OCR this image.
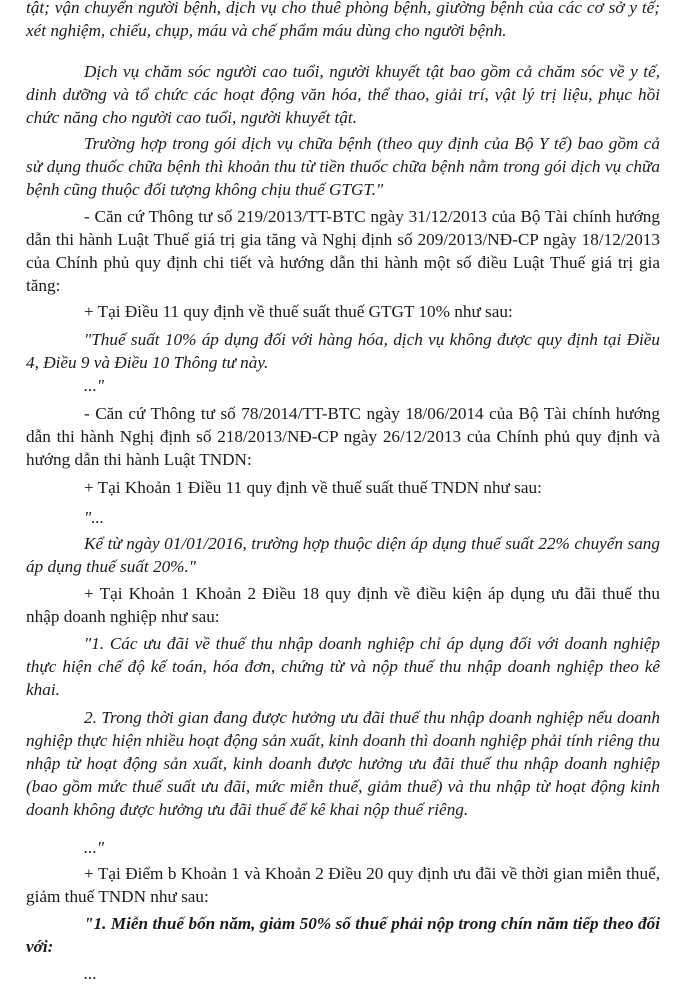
tật; vận chuyển người bệnh, dịch vụ cho thuê phòng bệnh, giường bệnh của các cơ sở y tế; xét nghiệm, chiếu, chụp, máu và chế phẩm máu dùng cho người bệnh.

Dịch vụ chăm sóc người cao tuổi, người khuyết tật bao gồm cả chăm sóc về y tế, dinh dưỡng và tổ chức các hoạt động văn hóa, thể thao, giải trí, vật lý trị liệu, phục hồi chức năng cho người cao tuổi, người khuyết tật.

Trường hợp trong gói dịch vụ chữa bệnh (theo quy định của Bộ Y tế) bao gồm cả sử dụng thuốc chữa bệnh thì khoản thu từ tiền thuốc chữa bệnh nằm trong gói dịch vụ chữa bệnh cũng thuộc đối tượng không chịu thuế GTGT."

- Căn cứ Thông tư số 219/2013/TT-BTC ngày 31/12/2013 của Bộ Tài chính hướng dẫn thi hành Luật Thuế giá trị gia tăng và Nghị định số 209/2013/NĐ-CP ngày 18/12/2013 của Chính phủ quy định chi tiết và hướng dẫn thi hành một số điều Luật Thuế giá trị gia tăng:

+ Tại Điều 11 quy định về thuế suất thuế GTGT 10% như sau:

"Thuế suất 10% áp dụng đối với hàng hóa, dịch vụ không được quy định tại Điều 4, Điều 9 và Điều 10 Thông tư này.

..."

- Căn cứ Thông tư số 78/2014/TT-BTC ngày 18/06/2014 của Bộ Tài chính hướng dẫn thi hành Nghị định số 218/2013/NĐ-CP ngày 26/12/2013 của Chính phủ quy định và hướng dẫn thi hành Luật TNDN:

+ Tại Khoản 1 Điều 11 quy định về thuế suất thuế TNDN như sau:

"...

Kể từ ngày 01/01/2016, trường hợp thuộc diện áp dụng thuế suất 22% chuyển sang áp dụng thuế suất 20%."

+ Tại Khoản 1 Khoản 2 Điều 18 quy định về điều kiện áp dụng ưu đãi thuế thu nhập doanh nghiệp như sau:

"1. Các ưu đãi về thuế thu nhập doanh nghiệp chỉ áp dụng đối với doanh nghiệp thực hiện chế độ kế toán, hóa đơn, chứng từ và nộp thuế thu nhập doanh nghiệp theo kê khai.

2. Trong thời gian đang được hưởng ưu đãi thuế thu nhập doanh nghiệp nếu doanh nghiệp thực hiện nhiều hoạt động sản xuất, kinh doanh thì doanh nghiệp phải tính riêng thu nhập từ hoạt động sản xuất, kinh doanh được hưởng ưu đãi thuế thu nhập doanh nghiệp (bao gồm mức thuế suất ưu đãi, mức miễn thuế, giảm thuế) và thu nhập từ hoạt động kinh doanh không được hưởng ưu đãi thuế để kê khai nộp thuế riêng.

..."

+ Tại Điểm b Khoản 1 và Khoản 2 Điều 20 quy định ưu đãi về thời gian miễn thuế, giảm thuế TNDN như sau:

"1. Miễn thuế bốn năm, giảm 50% số thuế phải nộp trong chín năm tiếp theo đối với:

...
